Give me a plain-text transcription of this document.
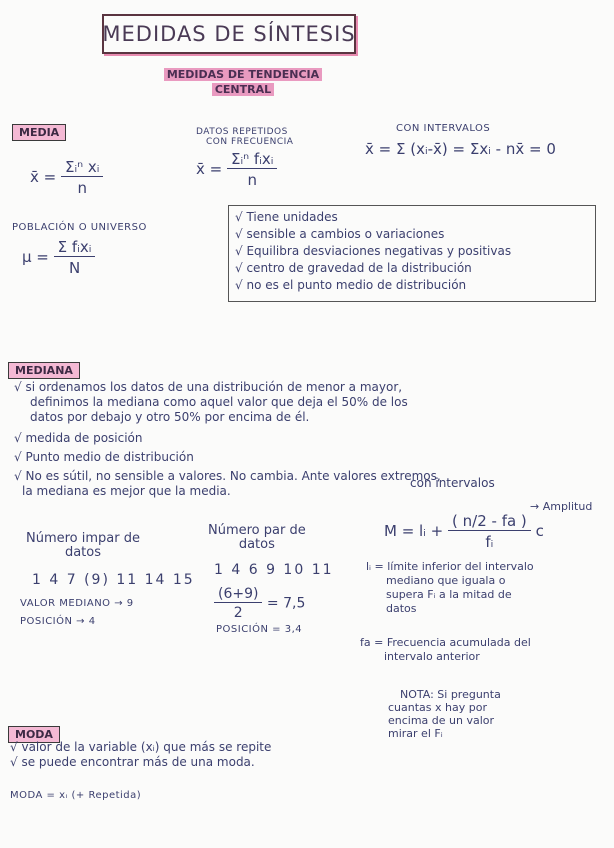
MEDIDAS DE SÍNTESIS
MEDIDAS DE TENDENCIA
CENTRAL
MEDIA
x̄ = $\frac{\text{Σᵢⁿ xᵢ}}{n}$
DATOS REPETIDOS
CON FRECUENCIA
x̄ = $\frac{\text{Σᵢⁿ fᵢxᵢ}}{n}$
CON INTERVALOS
x̄ = Σ (xᵢ-x̄) = Σxᵢ - nx̄ = 0
POBLACIÓN O UNIVERSO
$\mu = \frac{\text{Σ fᵢxᵢ}}{N}$
√ Tiene unidades
√ sensible a cambios o variaciones
√ Equilibra desviaciones negativas y positivas
√ centro de gravedad de la distribución
√ no es el punto medio de distribución
MEDIANA
√ si ordenamos los datos de una distribución de menor a mayor,
definimos la mediana como aquel valor que deja el 50% de los
datos por debajo y otro 50% por encima de él.
√ medida de posición
√ Punto medio de distribución
√ No es sútil, no sensible a valores. No cambia. Ante valores extremos,
la mediana es mejor que la media.
con intervalos
Número impar de
datos
1 4 7 (9) 11 14 15
VALOR MEDIANO → 9
POSICIÓN → 4
Número par de
datos
1 4 6 9 10 11
$\frac{(6+9)}{2} = 7,5$
POSICIÓN = 3,4
M = lᵢ + $\frac{( n/2 - fa )}{\text{fᵢ}}$ c
→ Amplitud
lᵢ = límite inferior del intervalo
mediano que iguala o
supera Fᵢ a la mitad de
datos
fa = Frecuencia acumulada del
intervalo anterior
MODA
√ valor de la variable (xᵢ) que más se repite
√ se puede encontrar más de una moda.
MODA = xᵢ (+ Repetida)
NOTA: Si pregunta
cuantas x hay por
encima de un valor
mirar el Fᵢ
